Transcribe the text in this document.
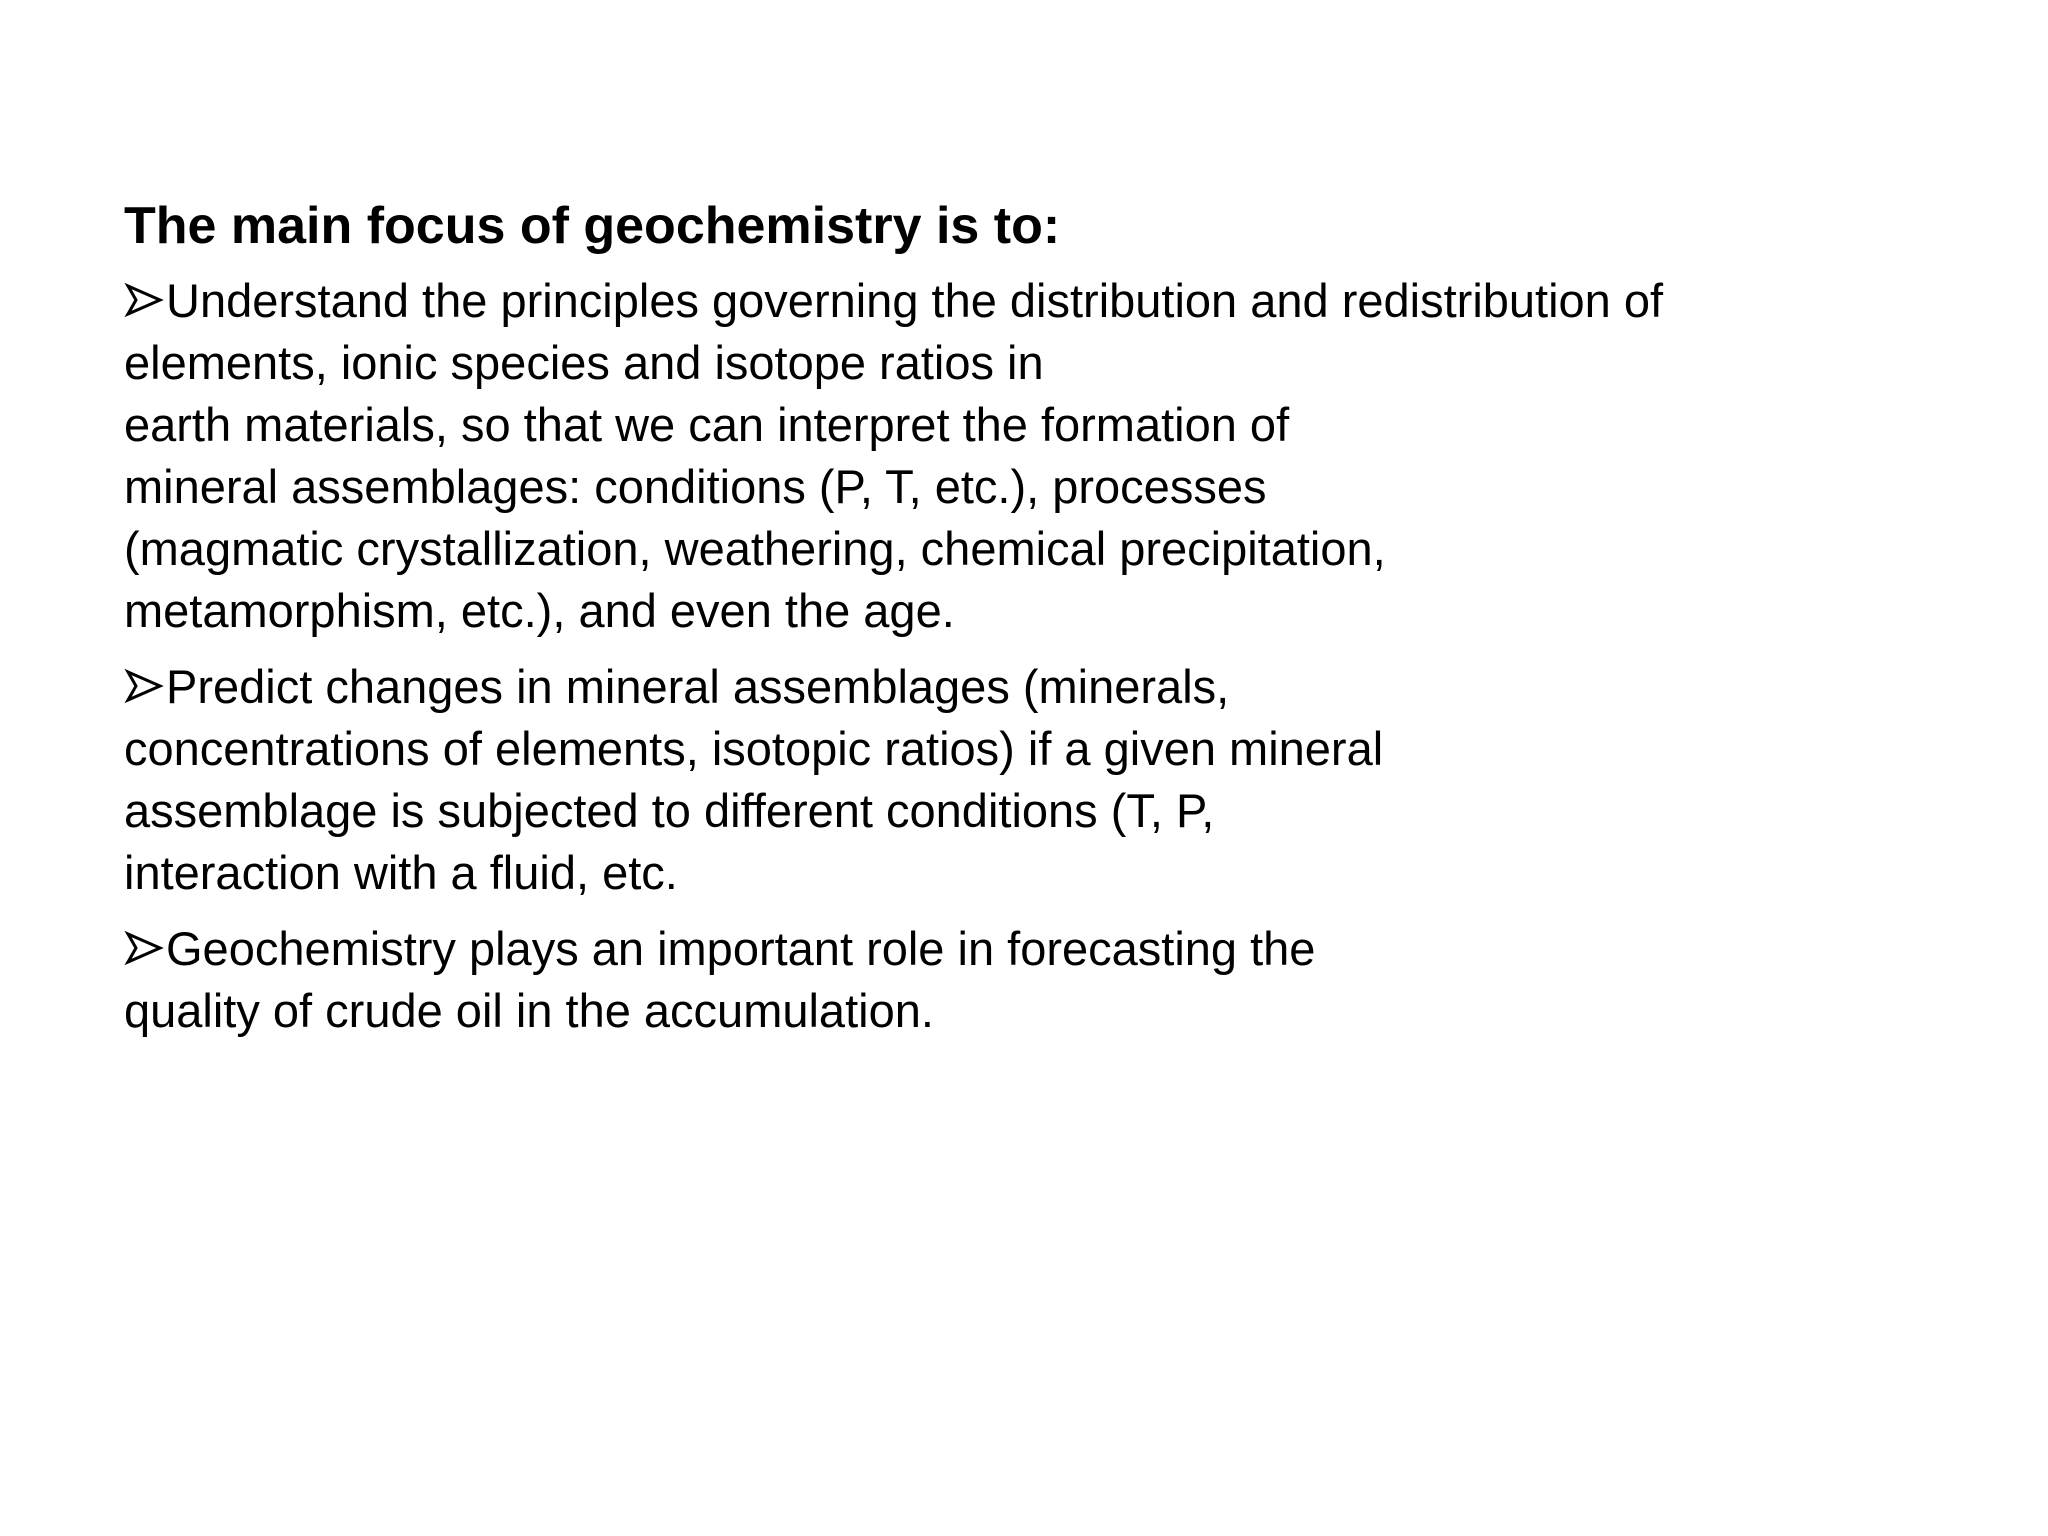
The main focus of geochemistry is to:
Understand the principles governing the distribution and redistribution of
elements, ionic species and isotope ratios in
earth materials, so that we can interpret the formation of
mineral assemblages: conditions (P, T, etc.), processes
(magmatic crystallization, weathering, chemical precipitation,
metamorphism, etc.), and even the age.
Predict changes in mineral assemblages (minerals,
concentrations of elements, isotopic ratios) if a given mineral
assemblage is subjected to different conditions (T, P,
interaction with a fluid, etc.
Geochemistry plays an important role in forecasting the
quality of crude oil in the accumulation.
